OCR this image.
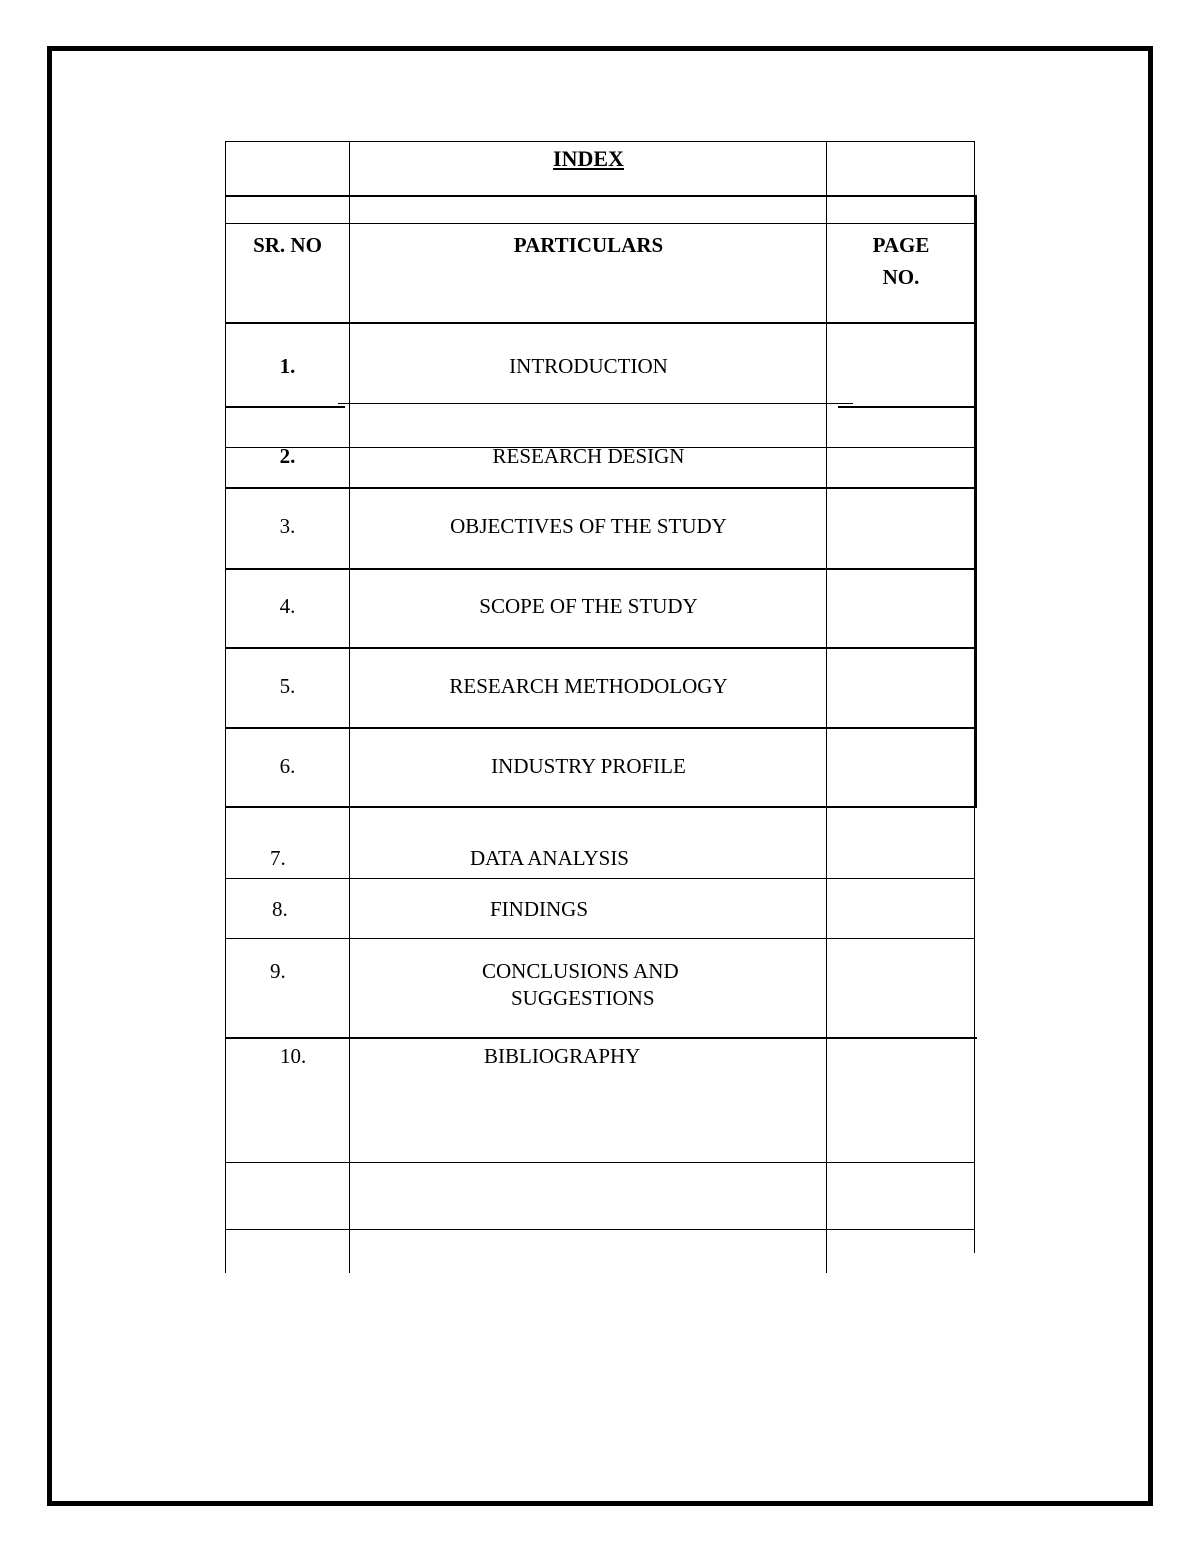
INDEX
SR. NO	PARTICULARS	PAGE
NO.
1.	INTRODUCTION
2.	RESEARCH DESIGN
3.	OBJECTIVES OF THE STUDY
4.	SCOPE OF THE STUDY
5.	RESEARCH METHODOLOGY
6.	INDUSTRY PROFILE
7.	DATA ANALYSIS
8.	FINDINGS
9.	CONCLUSIONS AND
SUGGESTIONS
10.	BIBLIOGRAPHY
